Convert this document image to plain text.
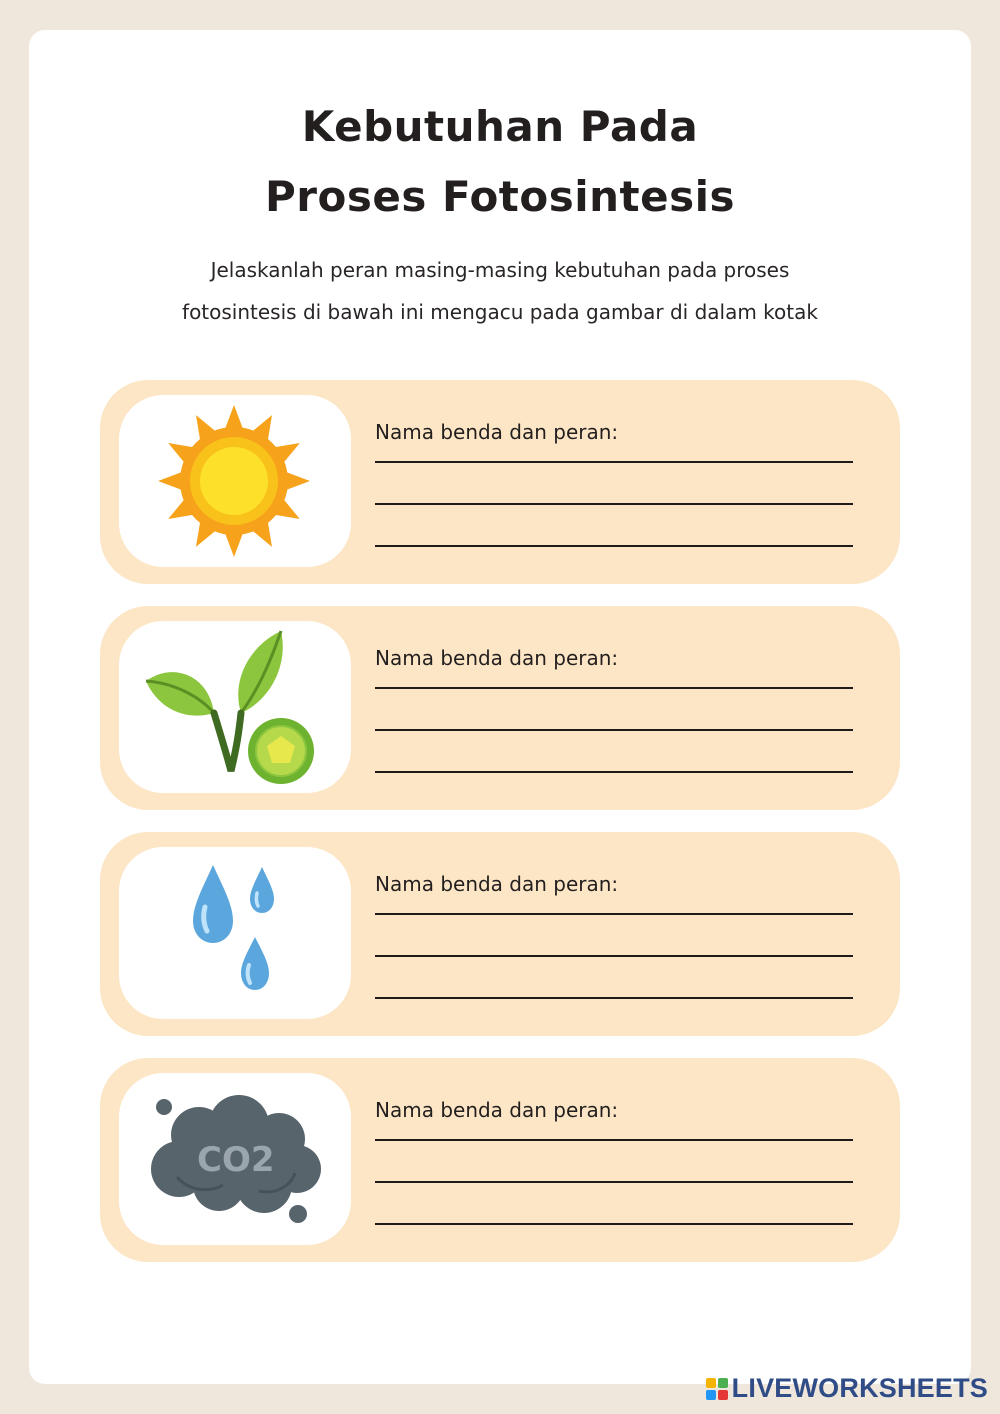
Kebutuhan Pada
Proses Fotosintesis
Jelaskanlah peran masing-masing kebutuhan pada proses
fotosintesis di bawah ini mengacu pada gambar di dalam kotak
Nama benda dan peran:
Nama benda dan peran:
Nama benda dan peran:
CO2
Nama benda dan peran:
LIVEWORKSHEETS
